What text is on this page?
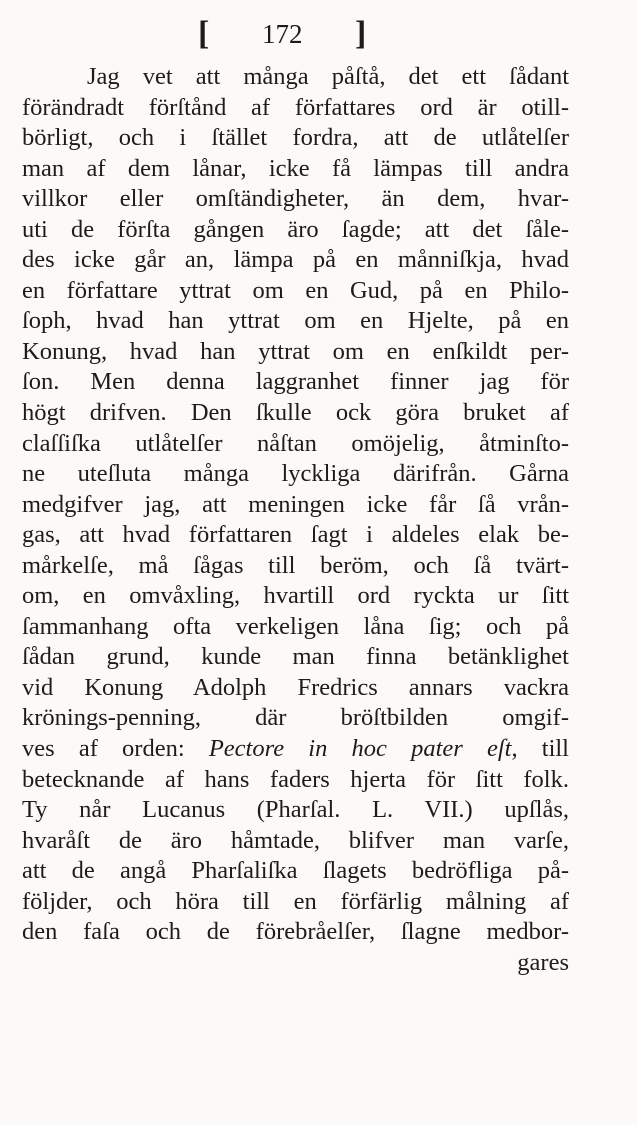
[ 172 ]
Jag vet att många påſtå, det ett ſådant
förändradt förſtånd af författares ord är otill-
börligt, och i ſtället fordra, att de utlåtelſer
man af dem lånar, icke få lämpas till andra
villkor eller omſtändigheter, än dem, hvar-
uti de förſta gången äro ſagde; att det ſåle-
des icke går an, lämpa på en månniſkja, hvad
en författare yttrat om en Gud, på en Philo-
ſoph, hvad han yttrat om en Hjelte, på en
Konung, hvad han yttrat om en enſkildt per-
ſon. Men denna laggranhet finner jag för
högt drifven. Den ſkulle ock göra bruket af
claſſiſka utlåtelſer nåſtan omöjelig, åtminſto-
ne uteſluta många lyckliga därifrån. Gårna
medgifver jag, att meningen icke får ſå vrån-
gas, att hvad författaren ſagt i aldeles elak be-
mårkelſe, må ſågas till beröm, och ſå tvärt-
om, en omvåxling, hvartill ord ryckta ur ſitt
ſammanhang ofta verkeligen låna ſig; och på
ſådan grund, kunde man finna betänklighet
vid Konung Adolph Fredrics annars vackra
krönings-penning, där bröſtbilden omgif-
ves af orden: Pectore in hoc pater eſt, till
betecknande af hans faders hjerta för ſitt folk.
Ty når Lucanus (Pharſal. L. VII.) upſlås,
hvaråſt de äro håmtade, blifver man varſe,
att de angå Pharſaliſka ſlagets bedröfliga på-
följder, och höra till en förfärlig målning af
den faſa och de förebråelſer, ſlagne medbor-
gares
